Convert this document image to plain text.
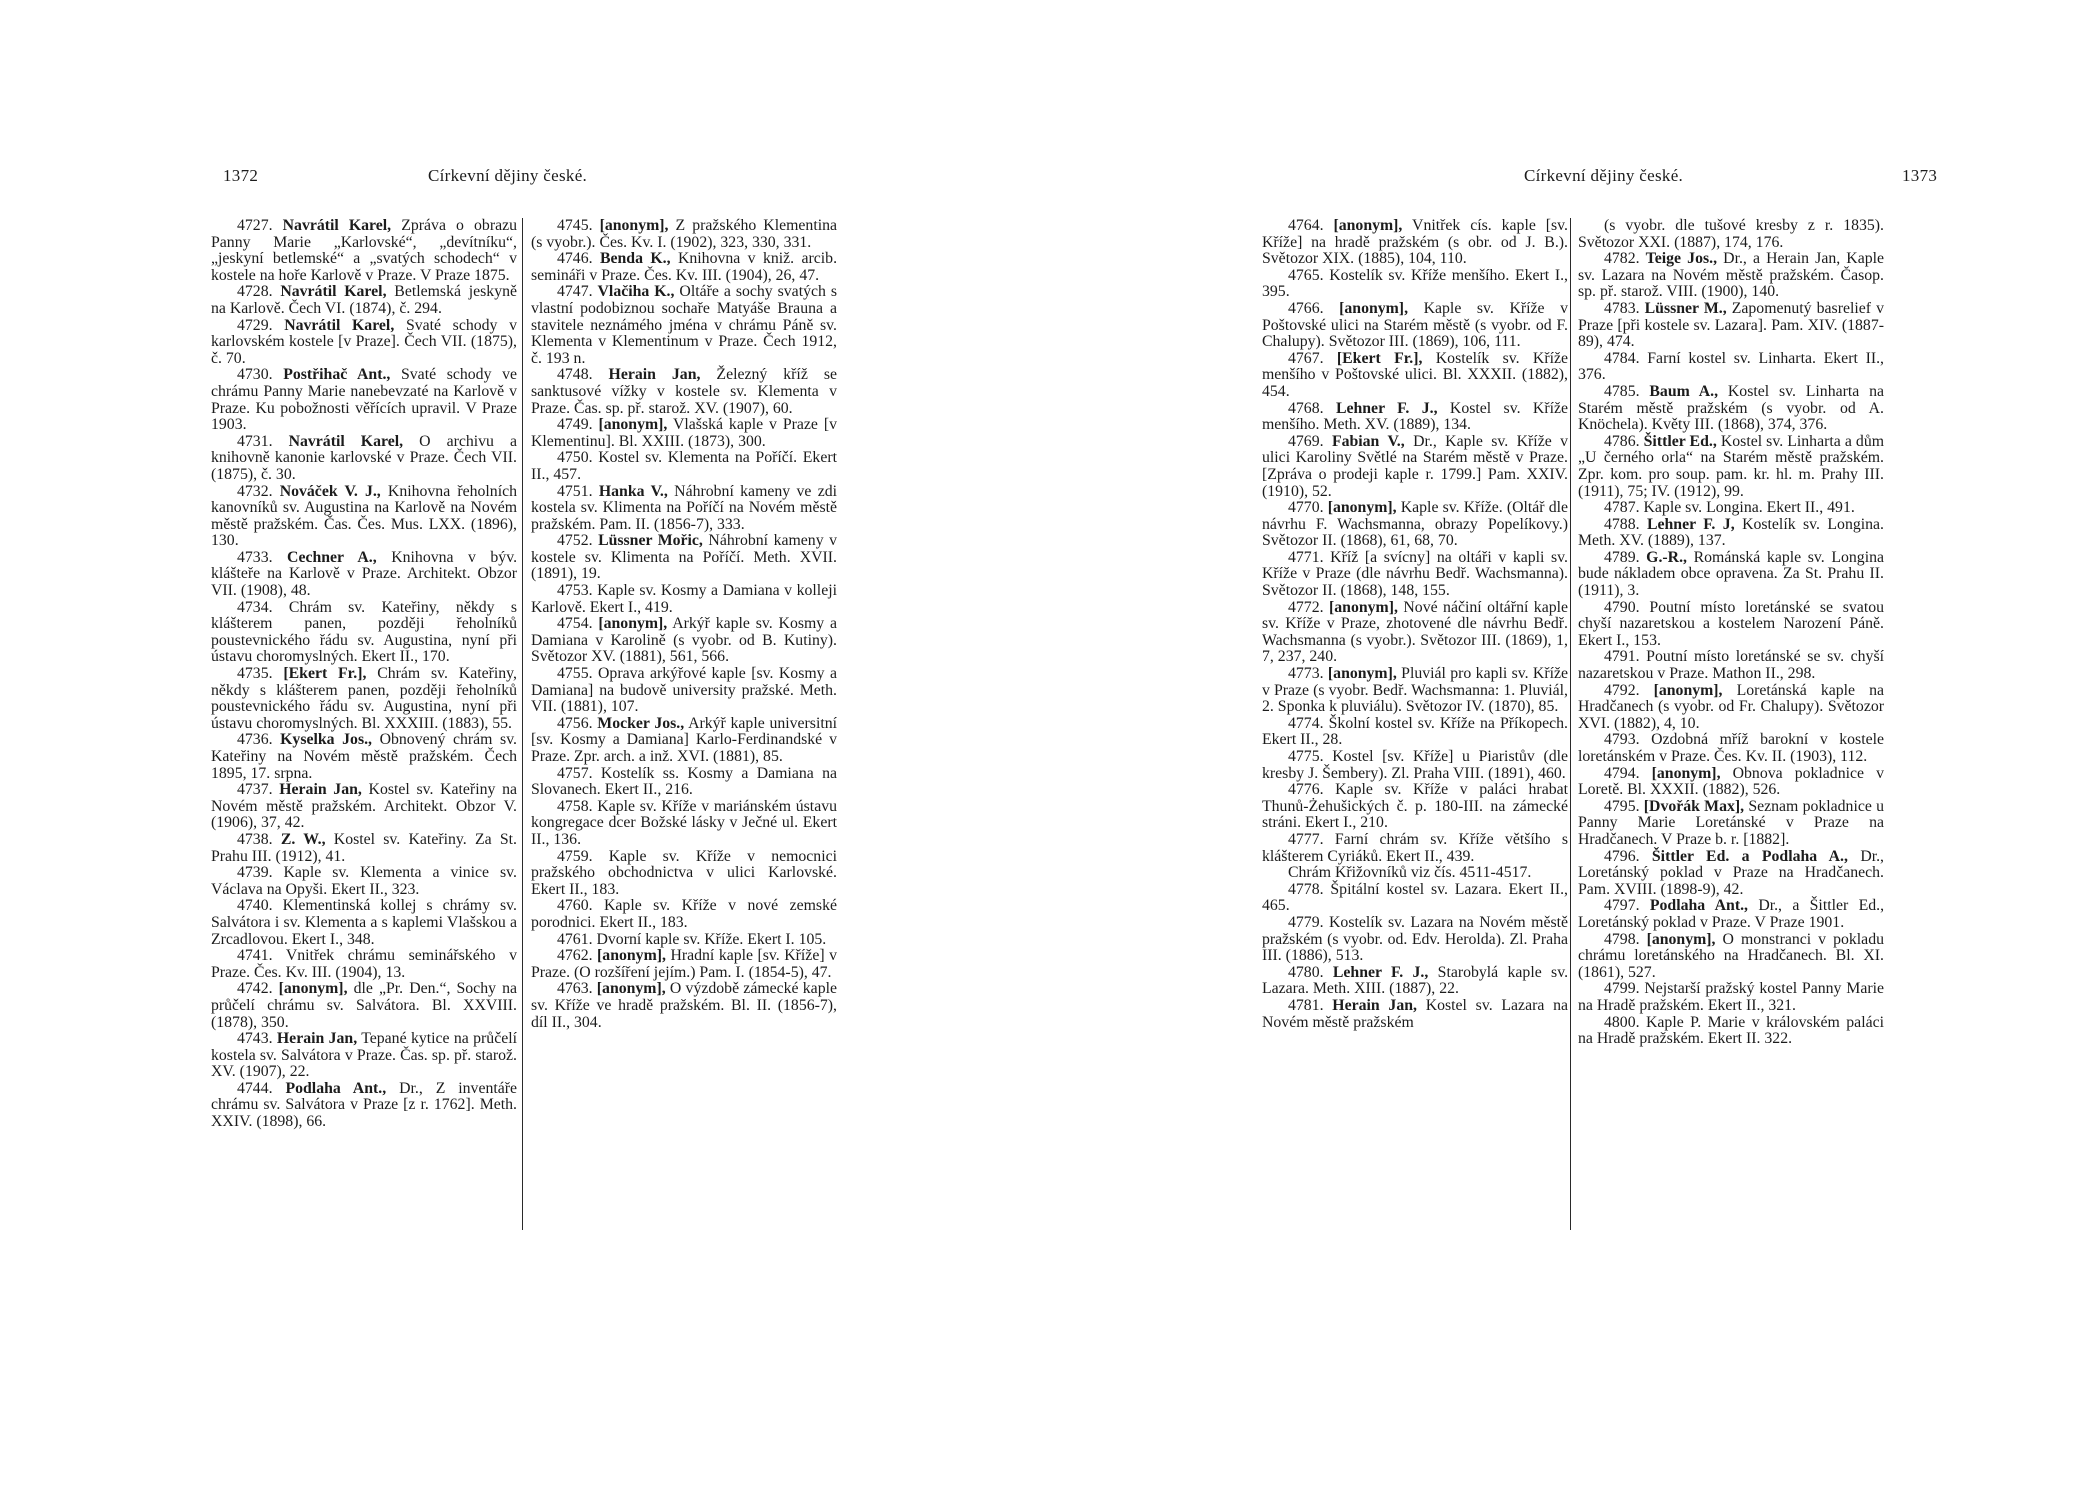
1372	Církevní dějiny české.

4727. Navrátil Karel, Zpráva o obrazu Panny Marie „Karlovské“, „devítníku“, „jeskyní betlemské“ a „svatých schodech“ v kostele na hoře Karlově v Praze. V Praze 1875.

4728. Navrátil Karel, Betlemská jeskyně na Karlově. Čech VI. (1874), č. 294.

4729. Navrátil Karel, Svaté schody v karlovském kostele [v Praze]. Čech VII. (1875), č. 70.

4730. Postřihač Ant., Svaté schody ve chrámu Panny Marie nanebevzaté na Karlově v Praze. Ku pobožnosti věřících upravil. V Praze 1903.

4731. Navrátil Karel, O archivu a knihovně kanonie karlovské v Praze. Čech VII. (1875), č. 30.

4732. Nováček V. J., Knihovna řeholních kanovníků sv. Augustina na Karlově na Novém městě pražském. Čas. Čes. Mus. LXX. (1896), 130.

4733. Cechner A., Knihovna v býv. klášteře na Karlově v Praze. Architekt. Obzor VII. (1908), 48.

4734. Chrám sv. Kateřiny, někdy s klášterem panen, později řeholníků poustevnického řádu sv. Augustina, nyní při ústavu choromyslných. Ekert II., 170.

4735. [Ekert Fr.], Chrám sv. Kateřiny, někdy s klášterem panen, později řeholníků poustevnického řádu sv. Augustina, nyní při ústavu choromyslných. Bl. XXXIII. (1883), 55.

4736. Kyselka Jos., Obnovený chrám sv. Kateřiny na Novém městě pražském. Čech 1895, 17. srpna.

4737. Herain Jan, Kostel sv. Kateřiny na Novém městě pražském. Architekt. Obzor V. (1906), 37, 42.

4738. Z. W., Kostel sv. Kateřiny. Za St. Prahu III. (1912), 41.

4739. Kaple sv. Klementa a vinice sv. Václava na Opyši. Ekert II., 323.

4740. Klementinská kollej s chrámy sv. Salvátora i sv. Klementa a s kaplemi Vlašskou a Zrcadlovou. Ekert I., 348.

4741. Vnitřek chrámu seminářského v Praze. Čes. Kv. III. (1904), 13.

4742. [anonym], dle „Pr. Den.“, Sochy na průčelí chrámu sv. Salvátora. Bl. XXVIII. (1878), 350.

4743. Herain Jan, Tepané kytice na průčelí kostela sv. Salvátora v Praze. Čas. sp. př. starož. XV. (1907), 22.

4744. Podlaha Ant., Dr., Z inventáře chrámu sv. Salvátora v Praze [z r. 1762]. Meth. XXIV. (1898), 66.

4745. [anonym], Z pražského Klementina (s vyobr.). Čes. Kv. I. (1902), 323, 330, 331.

4746. Benda K., Knihovna v kniž. arcib. semináři v Praze. Čes. Kv. III. (1904), 26, 47.

4747. Vlačiha K., Oltáře a sochy svatých s vlastní podobiznou sochaře Matyáše Brauna a stavitele neznámého jména v chrámu Páně sv. Klementa v Klementinum v Praze. Čech 1912, č. 193 n.

4748. Herain Jan, Železný kříž se sanktusové vížky v kostele sv. Klementa v Praze. Čas. sp. př. starož. XV. (1907), 60.

4749. [anonym], Vlašská kaple v Praze [v Klementinu]. Bl. XXIII. (1873), 300.

4750. Kostel sv. Klementa na Poříčí. Ekert II., 457.

4751. Hanka V., Náhrobní kameny ve zdi kostela sv. Klimenta na Poříčí na Novém městě pražském. Pam. II. (1856-7), 333.

4752. Lüssner Mořic, Náhrobní kameny v kostele sv. Klimenta na Poříčí. Meth. XVII. (1891), 19.

4753. Kaple sv. Kosmy a Damiana v kolleji Karlově. Ekert I., 419.

4754. [anonym], Arkýř kaple sv. Kosmy a Damiana v Karolině (s vyobr. od B. Kutiny). Světozor XV. (1881), 561, 566.

4755. Oprava arkýřové kaple [sv. Kosmy a Damiana] na budově university pražské. Meth. VII. (1881), 107.

4756. Mocker Jos., Arkýř kaple universitní [sv. Kosmy a Damiana] Karlo-Ferdinandské v Praze. Zpr. arch. a inž. XVI. (1881), 85.

4757. Kostelík ss. Kosmy a Damiana na Slovanech. Ekert II., 216.

4758. Kaple sv. Kříže v mariánském ústavu kongregace dcer Božské lásky v Ječné ul. Ekert II., 136.

4759. Kaple sv. Kříže v nemocnici pražského obchodnictva v ulici Karlovské. Ekert II., 183.

4760. Kaple sv. Kříže v nové zemské porodnici. Ekert II., 183.

4761. Dvorní kaple sv. Kříže. Ekert I. 105.

4762. [anonym], Hradní kaple [sv. Kříže] v Praze. (O rozšíření jejím.) Pam. I. (1854-5), 47.

4763. [anonym], O výzdobě zámecké kaple sv. Kříže ve hradě pražském. Bl. II. (1856-7), díl II., 304.

Církevní dějiny české.	1373

4764. [anonym], Vnitřek cís. kaple [sv. Kříže] na hradě pražském (s obr. od J. B.). Světozor XIX. (1885), 104, 110.

4765. Kostelík sv. Kříže menšího. Ekert I., 395.

4766. [anonym], Kaple sv. Kříže v Poštovské ulici na Starém městě (s vyobr. od F. Chalupy). Světozor III. (1869), 106, 111.

4767. [Ekert Fr.], Kostelík sv. Kříže menšího v Poštovské ulici. Bl. XXXII. (1882), 454.

4768. Lehner F. J., Kostel sv. Kříže menšího. Meth. XV. (1889), 134.

4769. Fabian V., Dr., Kaple sv. Kříže v ulici Karoliny Světlé na Starém městě v Praze. [Zpráva o prodeji kaple r. 1799.] Pam. XXIV. (1910), 52.

4770. [anonym], Kaple sv. Kříže. (Oltář dle návrhu F. Wachsmanna, obrazy Popelíkovy.) Světozor II. (1868), 61, 68, 70.

4771. Kříž [a svícny] na oltáři v kapli sv. Kříže v Praze (dle návrhu Bedř. Wachsmanna). Světozor II. (1868), 148, 155.

4772. [anonym], Nové náčiní oltářní kaple sv. Kříže v Praze, zhotovené dle návrhu Bedř. Wachsmanna (s vyobr.). Světozor III. (1869), 1, 7, 237, 240.

4773. [anonym], Pluviál pro kapli sv. Kříže v Praze (s vyobr. Bedř. Wachsmanna: 1. Pluviál, 2. Sponka k pluviálu). Světozor IV. (1870), 85.

4774. Školní kostel sv. Kříže na Příkopech. Ekert II., 28.

4775. Kostel [sv. Kříže] u Piaristův (dle kresby J. Šembery). Zl. Praha VIII. (1891), 460.

4776. Kaple sv. Kříže v paláci hrabat Thunů-Żehušických č. p. 180-III. na zámecké stráni. Ekert I., 210.

4777. Farní chrám sv. Kříže většího s klášterem Cyriáků. Ekert II., 439.

Chrám Křižovníků viz čís. 4511-4517.

4778. Špitální kostel sv. Lazara. Ekert II., 465.

4779. Kostelík sv. Lazara na Novém městě pražském (s vyobr. od. Edv. Herolda). Zl. Praha III. (1886), 513.

4780. Lehner F. J., Starobylá kaple sv. Lazara. Meth. XIII. (1887), 22.

4781. Herain Jan, Kostel sv. Lazara na Novém městě pražském

(s vyobr. dle tušové kresby z r. 1835). Světozor XXI. (1887), 174, 176.

4782. Teige Jos., Dr., a Herain Jan, Kaple sv. Lazara na Novém městě pražském. Časop. sp. př. starož. VIII. (1900), 140.

4783. Lüssner M., Zapomenutý basrelief v Praze [při kostele sv. Lazara]. Pam. XIV. (1887-89), 474.

4784. Farní kostel sv. Linharta. Ekert II., 376.

4785. Baum A., Kostel sv. Linharta na Starém městě pražském (s vyobr. od A. Knöchela). Květy III. (1868), 374, 376.

4786. Šittler Ed., Kostel sv. Linharta a dům „U černého orla“ na Starém městě pražském. Zpr. kom. pro soup. pam. kr. hl. m. Prahy III. (1911), 75; IV. (1912), 99.

4787. Kaple sv. Longina. Ekert II., 491.

4788. Lehner F. J, Kostelík sv. Longina. Meth. XV. (1889), 137.

4789. G.-R., Románská kaple sv. Longina bude nákladem obce opravena. Za St. Prahu II. (1911), 3.

4790. Poutní místo loretánské se svatou chyší nazaretskou a kostelem Narození Páně. Ekert I., 153.

4791. Poutní místo loretánské se sv. chyší nazaretskou v Praze. Mathon II., 298.

4792. [anonym], Loretánská kaple na Hradčanech (s vyobr. od Fr. Chalupy). Světozor XVI. (1882), 4, 10.

4793. Ozdobná mříž barokní v kostele loretánském v Praze. Čes. Kv. II. (1903), 112.

4794. [anonym], Obnova pokladnice v Loretě. Bl. XXXII. (1882), 526.

4795. [Dvořák Max], Seznam pokladnice u Panny Marie Loretánské v Praze na Hradčanech. V Praze b. r. [1882].

4796. Šittler Ed. a Podlaha A., Dr., Loretánský poklad v Praze na Hradčanech. Pam. XVIII. (1898-9), 42.

4797. Podlaha Ant., Dr., a Šittler Ed., Loretánský poklad v Praze. V Praze 1901.

4798. [anonym], O monstranci v pokladu chrámu loretánského na Hradčanech. Bl. XI. (1861), 527.

4799. Nejstarší pražský kostel Panny Marie na Hradě pražském. Ekert II., 321.

4800. Kaple P. Marie v královském paláci na Hradě pražském. Ekert II. 322.
